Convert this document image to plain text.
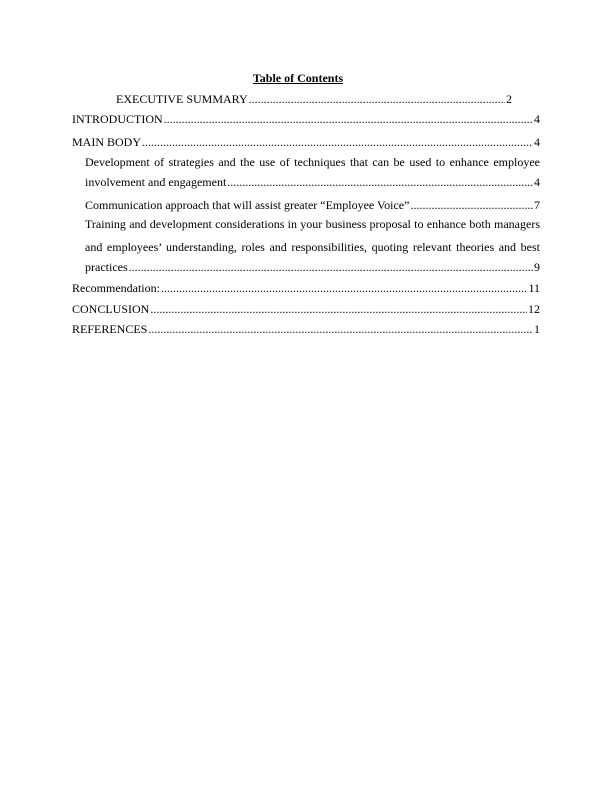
Table of Contents
EXECUTIVE SUMMARY .....	2
INTRODUCTION .....	4
MAIN BODY .....	4
Development of strategies and the use of techniques that can be used to enhance employee
involvement and engagement .....	4
Communication approach that will assist greater “Employee Voice” .....	7
Training and development considerations in your business proposal to enhance both managers
and employees’ understanding, roles and responsibilities, quoting relevant theories and best
practices .....	9
Recommendation: .....	11
CONCLUSION .....	12
REFERENCES .....	1
